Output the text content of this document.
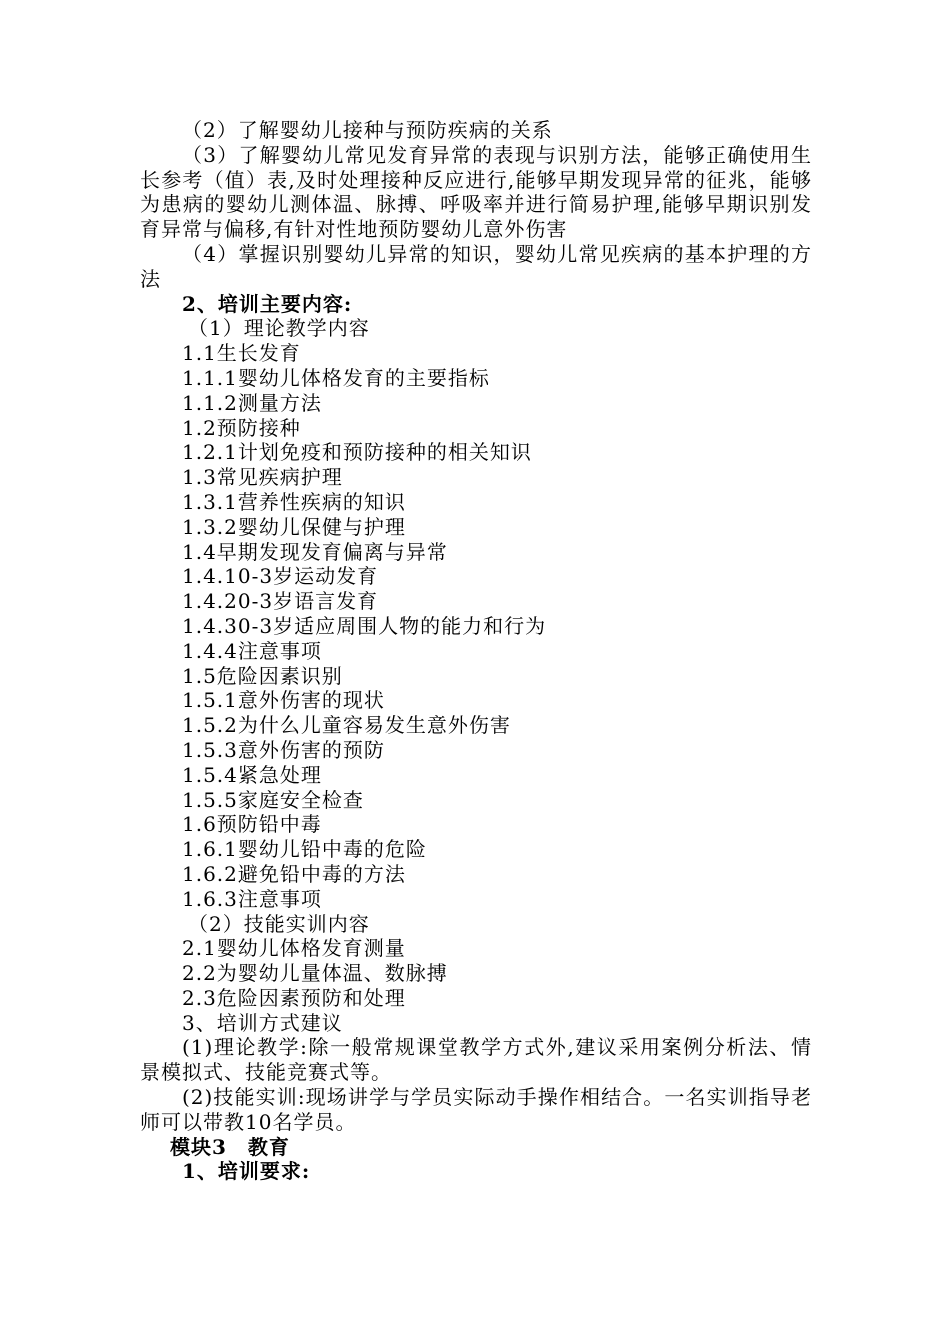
（2）了解婴幼儿接种与预防疾病的关系

（3）了解婴幼儿常见发育异常的表现与识别方法，能够正确使用生长参考（值）表,及时处理接种反应进行,能够早期发现异常的征兆，能够为患病的婴幼儿测体温、脉搏、呼吸率并进行简易护理,能够早期识别发育异常与偏移,有针对性地预防婴幼儿意外伤害

（4）掌握识别婴幼儿异常的知识，婴幼儿常见疾病的基本护理的方法

2、培训主要内容:

（1）理论教学内容

1.1生长发育

1.1.1婴幼儿体格发育的主要指标

1.1.2测量方法

1.2预防接种

1.2.1计划免疫和预防接种的相关知识

1.3常见疾病护理

1.3.1营养性疾病的知识

1.3.2婴幼儿保健与护理

1.4早期发现发育偏离与异常

1.4.10-3岁运动发育

1.4.20-3岁语言发育

1.4.30-3岁适应周围人物的能力和行为

1.4.4注意事项

1.5危险因素识别

1.5.1意外伤害的现状

1.5.2为什么儿童容易发生意外伤害

1.5.3意外伤害的预防

1.5.4紧急处理

1.5.5家庭安全检查

1.6预防铅中毒

1.6.1婴幼儿铅中毒的危险

1.6.2避免铅中毒的方法

1.6.3注意事项

（2）技能实训内容

2.1婴幼儿体格发育测量

2.2为婴幼儿量体温、数脉搏

2.3危险因素预防和处理

3、培训方式建议

(1)理论教学:除一般常规课堂教学方式外,建议采用案例分析法、情景模拟式、技能竞赛式等。

(2)技能实训:现场讲学与学员实际动手操作相结合。一名实训指导老师可以带教10名学员。

模块3　教育

1、培训要求:
